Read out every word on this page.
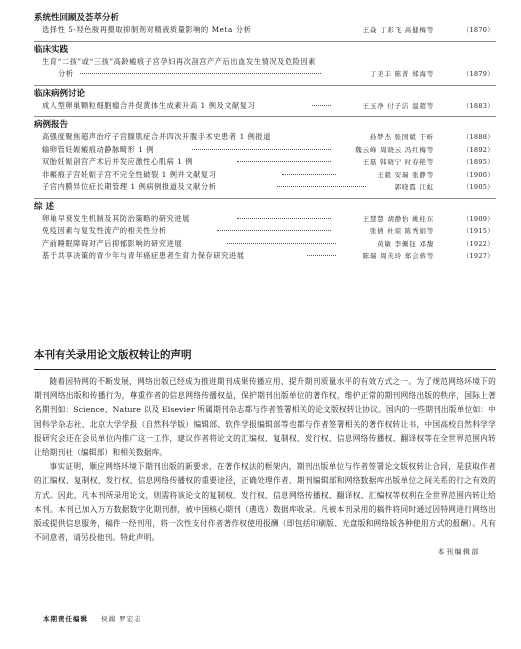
系统性回顾及荟萃分析
选择性 5-羟色胺再摄取抑制剂对精液质量影响的 Meta 分析	王焱 丁彩飞 高健梅等	（1870）
临床实践
生育“二孩”或“三孩”高龄瘢痕子宫孕妇再次剖宫产产后出血发生情况及危险因素
分析	丁美丰 陈菁 郑海等	（1879）
临床病例讨论
成人型卵巢颗粒细胞瘤合并促黄体生成素升高 1 例及文献复习	王玉净 付子洁 温超等	（1883）
病例报告
高强度聚焦超声治疗子宫腺肌症合并四次开腹手术史患者 1 例报道	孙梦杰 张国斌 于昕	（1888）
输卵管妊娠瘢痕动静脉畸形 1 例	魏云峰 周晓云 冯红梅等	（1892）
双胎妊娠剖宫产术后并发应激性心肌病 1 例	王磊 韩晓宁 时春艳等	（1895）
非瘢痕子宫妊娠子宫不完全性破裂 1 例并文献复习	王毅 安瑞 张静等	（1900）
子宫内膜异位症长期管理 1 例病例报道及文献分析	郭晓霞 江虹	（1905）
综 述
卵巢早衰发生机制及其防治策略的研究进展	王慧慧 胡静怡 姚桂东	（1909）
免疫因素与复发性流产的相关性分析	张倩 杜琼 陈秀娟等	（1915）
产前睡眠障碍对产后抑郁影响的研究进展	黄敏 李佩钰 邓馥	（1922）
基于共享决策的青少年与青年癌症患者生育力保存研究进展	陈瑞 周芙玲 郑会蒋等	（1927）
本刊有关录用论文版权转让的声明

随着因特网的不断发展，网络出版已经成为推进期刊成果传播应用、提升期刊质量水平的有效方式之一。为了规范网络环境下的期刊网络出版和传播行为，尊重作者的信息网络传播权益，保护期刊出版单位的著作权，维护正常的期刊网络出版的秩序，国际上著名期刊如：Science、Nature 以及 Elsevier 所属期刊杂志都与作者签署相关的论文版权转让协议。国内的一些期刊出版单位如：中国科学杂志社、北京大学学报（自然科学版）编辑部、软件学报编辑部等也都与作者签署相关的著作权转让书，中国高校自然科学学报研究会还在会员单位内推广这一工作，建议作者将论文的汇编权、复制权、发行权、信息网络传播权、翻译权等在全世界范围内转让给期刊社（编辑部）和相关数据库。

事实证明，顺应网络环境下期刊出版的新要求，在著作权法的框架内，期刊出版单位与作者签署论文版权转让合同，是获取作者的汇编权、复制权、发行权、信息网络传播权的重要途径，正确处理作者、期刊编辑部和网络数据库出版单位之间关系的行之有效的方式。因此，凡本刊所录用论文，则需将该论文的复制权、发行权、信息网络传播权、翻译权、汇编权等权利在全世界范围内转让给本刊。本刊已加入万方数据数字化期刊群，被中国核心期刊（遴选）数据库收录。凡被本刊录用的稿件将同时通过因特网进行网络出版或提供信息服务，稿件一经刊用，将一次性支付作者著作权使用报酬（即包括印刷版、光盘版和网络版各种使用方式的报酬）。凡有不同意者，请另投他刊。特此声明。

本刊编辑部
本期责任编辑 侯蔺 罗宏志
